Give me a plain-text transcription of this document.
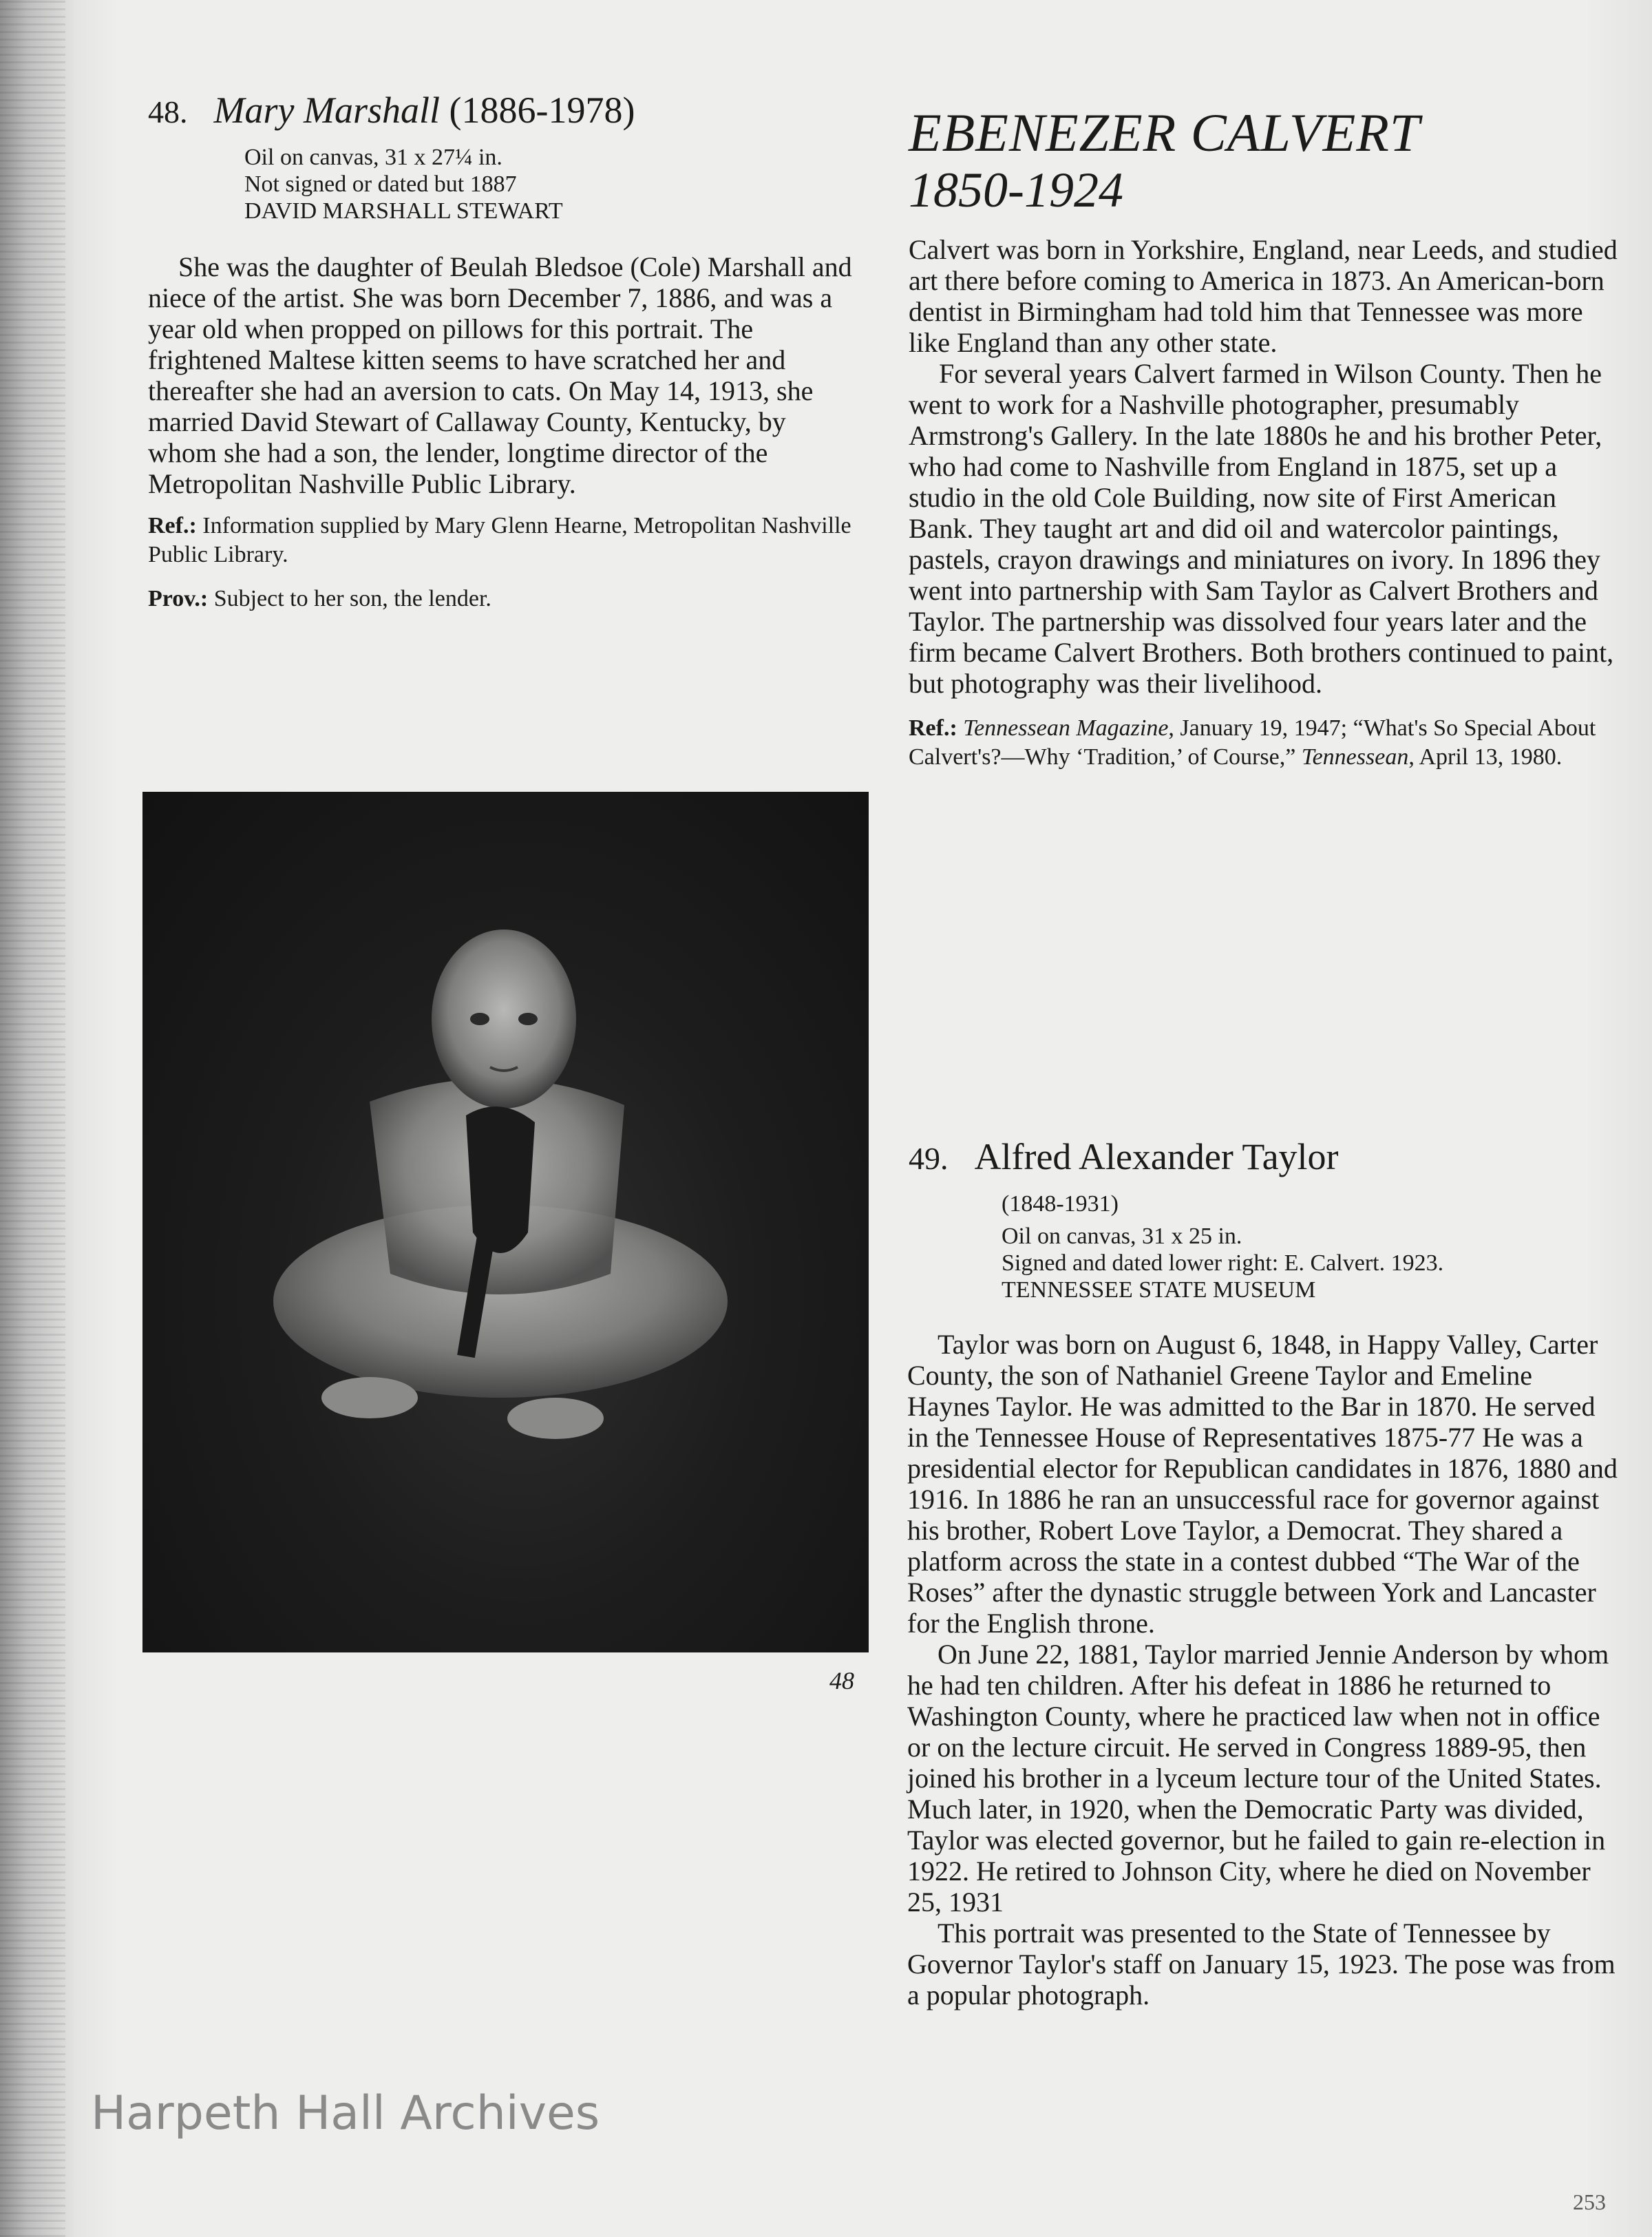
48. Mary Marshall (1886-1978)
Oil on canvas, 31 x 27¼ in.
Not signed or dated but 1887
DAVID MARSHALL STEWART

She was the daughter of Beulah Bledsoe (Cole) Marshall and niece of the artist. She was born December 7, 1886, and was a year old when propped on pillows for this portrait. The frightened Maltese kitten seems to have scratched her and thereafter she had an aversion to cats. On May 14, 1913, she married David Stewart of Callaway County, Kentucky, by whom she had a son, the lender, longtime director of the Metropolitan Nashville Public Library.

Ref.: Information supplied by Mary Glenn Hearne, Metropolitan Nashville Public Library.

Prov.: Subject to her son, the lender.

48

EBENEZER CALVERT

1850-1924

Calvert was born in Yorkshire, England, near Leeds, and studied art there before coming to America in 1873. An American-born dentist in Birmingham had told him that Tennessee was more like England than any other state.

For several years Calvert farmed in Wilson County. Then he went to work for a Nashville photographer, presumably Armstrong's Gallery. In the late 1880s he and his brother Peter, who had come to Nashville from England in 1875, set up a studio in the old Cole Building, now site of First American Bank. They taught art and did oil and watercolor paintings, pastels, crayon drawings and miniatures on ivory. In 1896 they went into partnership with Sam Taylor as Calvert Brothers and Taylor. The partnership was dissolved four years later and the firm became Calvert Brothers. Both brothers continued to paint, but photography was their livelihood.

Ref.: Tennessean Magazine, January 19, 1947; “What's So Special About Calvert's?—Why ‘Tradition,’ of Course,” Tennessean, April 13, 1980.

49. Alfred Alexander Taylor
(1848-1931)
Oil on canvas, 31 x 25 in.
Signed and dated lower right: E. Calvert. 1923.
TENNESSEE STATE MUSEUM

Taylor was born on August 6, 1848, in Happy Valley, Carter County, the son of Nathaniel Greene Taylor and Emeline Haynes Taylor. He was admitted to the Bar in 1870. He served in the Tennessee House of Representatives 1875-77 He was a presidential elector for Republican candidates in 1876, 1880 and 1916. In 1886 he ran an unsuccessful race for governor against his brother, Robert Love Taylor, a Democrat. They shared a platform across the state in a contest dubbed “The War of the Roses” after the dynastic struggle between York and Lancaster for the English throne.

On June 22, 1881, Taylor married Jennie Anderson by whom he had ten children. After his defeat in 1886 he returned to Washington County, where he practiced law when not in office or on the lecture circuit. He served in Congress 1889-95, then joined his brother in a lyceum lecture tour of the United States. Much later, in 1920, when the Democratic Party was divided, Taylor was elected governor, but he failed to gain re-election in 1922. He retired to Johnson City, where he died on November 25, 1931

This portrait was presented to the State of Tennessee by Governor Taylor's staff on January 15, 1923. The pose was from a popular photograph.

Harpeth Hall Archives
253
